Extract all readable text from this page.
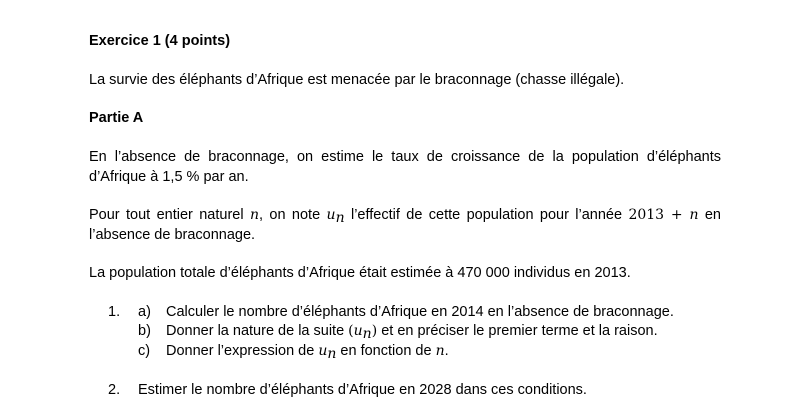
Exercice 1 (4 points)

La survie des éléphants d’Afrique est menacée par le braconnage (chasse illégale).

Partie A

En l’absence de braconnage, on estime le taux de croissance de la population d’éléphants d’Afrique à 1,5 % par an.

Pour tout entier naturel n, on note $u_n$ l’effectif de cette population pour l’année 2013 + n en l’absence de braconnage.

La population totale d’éléphants d’Afrique était estimée à 470 000 individus en 2013.

1. a) Calculer le nombre d’éléphants d’Afrique en 2014 en l’absence de braconnage.
b) Donner la nature de la suite $(u_n)$ et en préciser le premier terme et la raison.
c) Donner l’expression de $u_n$ en fonction de n.
2. Estimer le nombre d’éléphants d’Afrique en 2028 dans ces conditions.
